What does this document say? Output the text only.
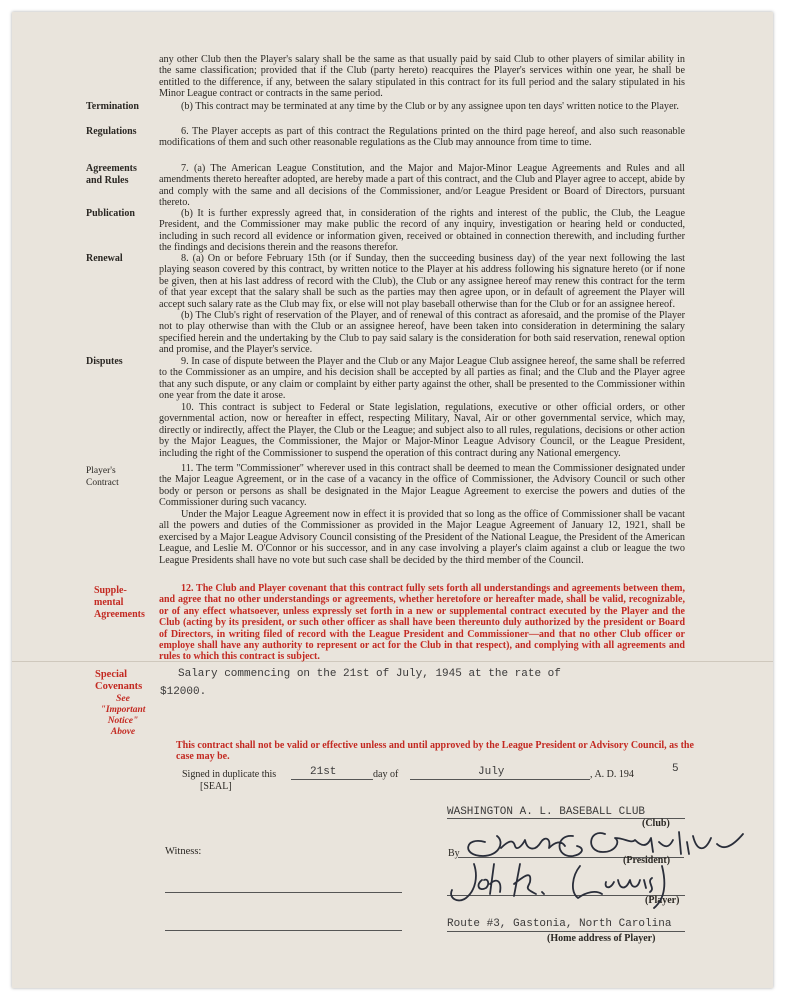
any other Club then the Player's salary shall be the same as that usually paid by said Club to other players of similar ability in the same classification; provided that if the Club (party hereto) reacquires the Player's services within one year, he shall be entitled to the difference, if any, between the salary stipulated in this contract for its full period and the salary stipulated in his Minor League contract or contracts in the same period.

Termination	(b) This contract may be terminated at any time by the Club or by any assignee upon ten days' written notice to the Player.

Regulations	6. The Player accepts as part of this contract the Regulations printed on the third page hereof, and also such reasonable modifications of them and such other reasonable regulations as the Club may announce from time to time.

Agreements and Rules

7. (a) The American League Constitution, and the Major and Major-Minor League Agreements and Rules and all amendments thereto hereafter adopted, are hereby made a part of this contract, and the Club and Player agree to accept, abide by and comply with the same and all decisions of the Commissioner, and/or League President or Board of Directors, pursuant thereto.

Publication	(b) It is further expressly agreed that, in consideration of the rights and interest of the public, the Club, the League President, and the Commissioner may make public the record of any inquiry, investigation or hearing held or conducted, including in such record all evidence or information given, received or obtained in connection therewith, and including further the findings and decisions therein and the reasons therefor.

Renewal	8. (a) On or before February 15th (or if Sunday, then the succeeding business day) of the year next following the last playing season covered by this contract, by written notice to the Player at his address following his signature hereto (or if none be given, then at his last address of record with the Club), the Club or any assignee hereof may renew this contract for the term of that year except that the salary shall be such as the parties may then agree upon, or in default of agreement the Player will accept such salary rate as the Club may fix, or else will not play baseball otherwise than for the Club or for an assignee hereof.

(b) The Club's right of reservation of the Player, and of renewal of this contract as aforesaid, and the promise of the Player not to play otherwise than with the Club or an assignee hereof, have been taken into consideration in determining the salary specified herein and the undertaking by the Club to pay said salary is the consideration for both said reservation, renewal option and promise, and the Player's service.

Disputes	9. In case of dispute between the Player and the Club or any Major League Club assignee hereof, the same shall be referred to the Commissioner as an umpire, and his decision shall be accepted by all parties as final; and the Club and the Player agree that any such dispute, or any claim or complaint by either party against the other, shall be presented to the Commissioner within one year from the date it arose.

10. This contract is subject to Federal or State legislation, regulations, executive or other official orders, or other governmental action, now or hereafter in effect, respecting Military, Naval, Air or other governmental service, which may, directly or indirectly, affect the Player, the Club or the League; and subject also to all rules, regulations, decisions or other action by the Major Leagues, the Commissioner, the Major or Major-Minor League Advisory Council, or the League President, including the right of the Commissioner to suspend the operation of this contract during any National emergency.

Player's Contract

11. The term "Commissioner" wherever used in this contract shall be deemed to mean the Commissioner designated under the Major League Agreement, or in the case of a vacancy in the office of Commissioner, the Advisory Council or such other body or person or persons as shall be designated in the Major League Agreement to exercise the powers and duties of the Commissioner during such vacancy.

Under the Major League Agreement now in effect it is provided that so long as the office of Commissioner shall be vacant all the powers and duties of the Commissioner as provided in the Major League Agreement of January 12, 1921, shall be exercised by a Major League Advisory Council consisting of the President of the National League, the President of the American League, and Leslie M. O'Connor or his successor, and in any case involving a player's claim against a club or league the two League Presidents shall have no vote but such case shall be decided by the third member of the Council.

Supple- mental Agreements

12. The Club and Player covenant that this contract fully sets forth all understandings and agreements between them, and agree that no other understandings or agreements, whether heretofore or hereafter made, shall be valid, recognizable, or of any effect whatsoever, unless expressly set forth in a new or supplemental contract executed by the Player and the Club (acting by its president, or such other officer as shall have been thereunto duly authorized by the president or Board of Directors, in writing filed of record with the League President and Commissioner—and that no other Club officer or employe shall have any authority to represent or act for the Club in that respect), and complying with all agreements and rules to which this contract is subject.

Special Covenants
See "Important Notice" Above
Salary commencing on the 21st of July, 1945 at the rate of
$12000.

This contract shall not be valid or effective unless and until approved by the League President or Advisory Council, as the case may be.

Signed in duplicate this	21st	day of	July	, A. D. 194	5
[SEAL]
WASHINGTON A. L. BASEBALL CLUB
(Club)
By
(President)
(Player)
Route #3, Gastonia, North Carolina
(Home address of Player)
Witness:
